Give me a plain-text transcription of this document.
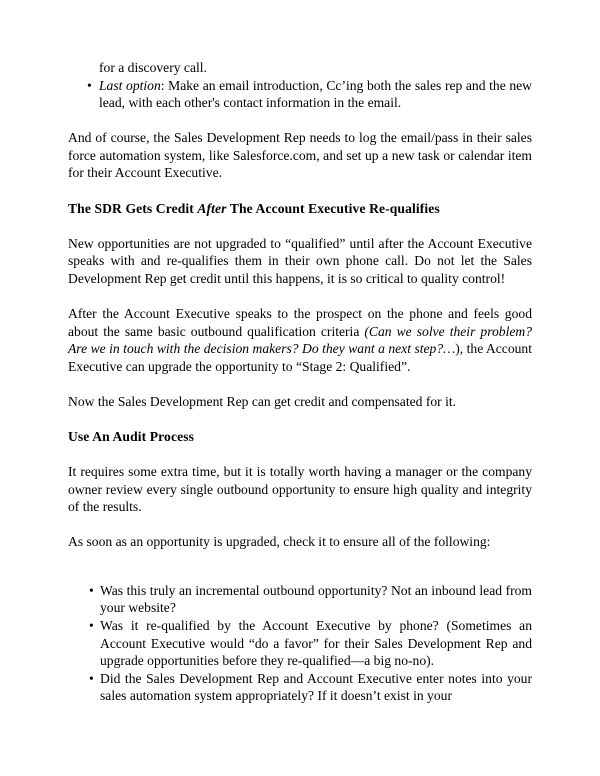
for a discovery call.
• Last option: Make an email introduction, Cc’ing both the sales rep and the new lead, with each other's contact information in the email.

And of course, the Sales Development Rep needs to log the email/pass in their sales force automation system, like Salesforce.com, and set up a new task or calendar item for their Account Executive.

The SDR Gets Credit After The Account Executive Re-qualifies

New opportunities are not upgraded to “qualified” until after the Account Executive speaks with and re-qualifies them in their own phone call. Do not let the Sales Development Rep get credit until this happens, it is so critical to quality control!

After the Account Executive speaks to the prospect on the phone and feels good about the same basic outbound qualification criteria (Can we solve their problem? Are we in touch with the decision makers? Do they want a next step?…), the Account Executive can upgrade the opportunity to “Stage 2: Qualified”.

Now the Sales Development Rep can get credit and compensated for it.

Use An Audit Process

It requires some extra time, but it is totally worth having a manager or the company owner review every single outbound opportunity to ensure high quality and integrity of the results.

As soon as an opportunity is upgraded, check it to ensure all of the following:

• Was this truly an incremental outbound opportunity? Not an inbound lead from your website?
• Was it re-qualified by the Account Executive by phone? (Sometimes an Account Executive would “do a favor” for their Sales Development Rep and upgrade opportunities before they re-qualified—a big no-no).
• Did the Sales Development Rep and Account Executive enter notes into your sales automation system appropriately? If it doesn’t exist in your
